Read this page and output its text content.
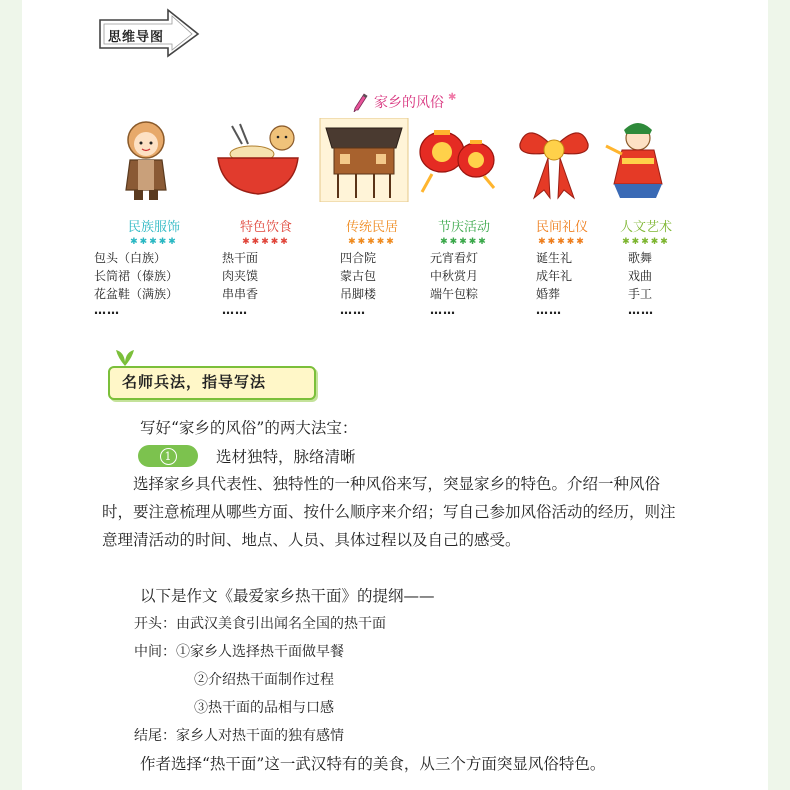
思维导图
家乡的风俗 ✱
民族服饰
✱✱✱✱✱
包头（白族）
长筒裙（傣族）
花盆鞋（满族）
……
特色饮食
✱✱✱✱✱
热干面
肉夹馍
串串香
……
传统民居
✱✱✱✱✱
四合院
蒙古包
吊脚楼
……
节庆活动
✱✱✱✱✱
元宵看灯
中秋赏月
端午包粽
……
民间礼仪
✱✱✱✱✱
诞生礼
成年礼
婚葬
……
人文艺术
✱✱✱✱✱
歌舞
戏曲
手工
……
名师兵法，指导写法
写好“家乡的风俗”的两大法宝：
1	选材独特，脉络清晰
选择家乡具代表性、独特性的一种风俗来写，突显家乡的特色。介绍一种风俗时，要注意梳理从哪些方面、按什么顺序来介绍；写自己参加风俗活动的经历，则注意理清活动的时间、地点、人员、具体过程以及自己的感受。
以下是作文《最爱家乡热干面》的提纲——
开头：由武汉美食引出闻名全国的热干面
中间：①家乡人选择热干面做早餐
②介绍热干面制作过程
③热干面的品相与口感
结尾：家乡人对热干面的独有感情
作者选择“热干面”这一武汉特有的美食，从三个方面突显风俗特色。
